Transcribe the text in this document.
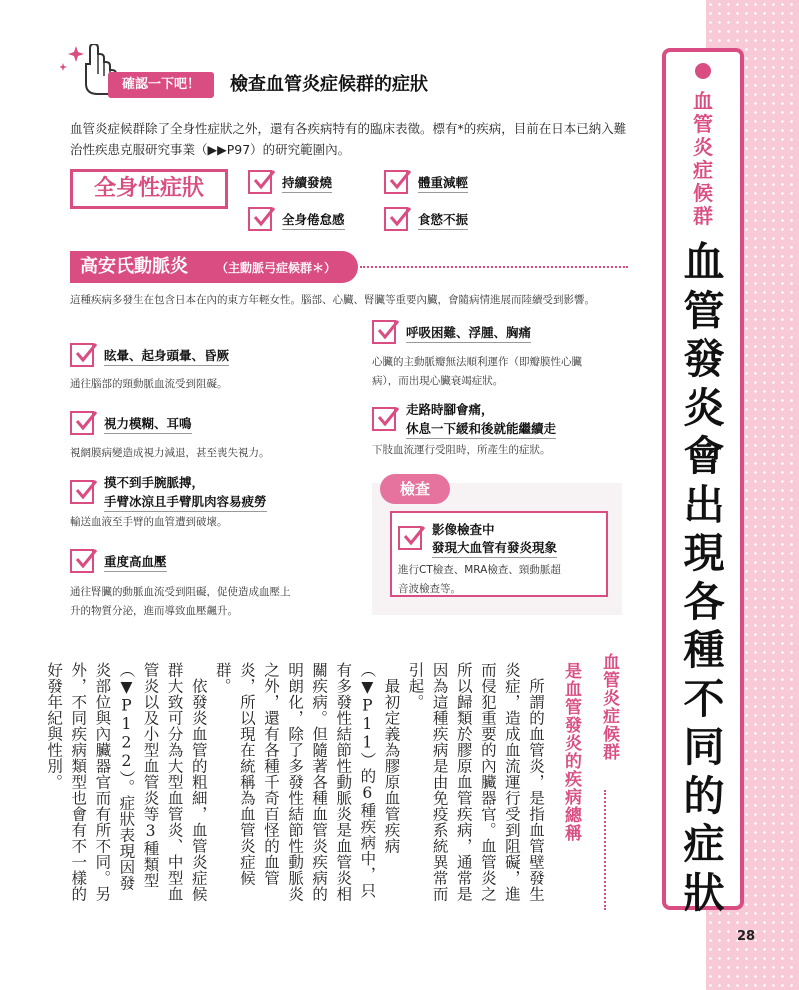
血管炎症候群
血管發炎會出現各種不同的症狀
28
確認一下吧！	檢查血管炎症候群的症狀
血管炎症候群除了全身性症狀之外，還有各疾病特有的臨床表徵。標有*的疾病，目前在日本已納入難治性疾患克服研究事業（▶▶P97）的研究範圍內。
全身性症狀	持續發燒	體重減輕
全身倦怠感	食慾不振
高安氏動脈炎 （主動脈弓症候群＊）
這種疾病多發生在包含日本在內的東方年輕女性。腦部、心臟、腎臟等重要內臟，會隨病情進展而陸續受到影響。
眩暈、起身頭暈、昏厥
通往腦部的頸動脈血流受到阻礙。
視力模糊、耳鳴
視網膜病變造成視力減退，甚至喪失視力。
摸不到手腕脈搏，
手臂冰涼且手臂肌肉容易疲勞
輸送血液至手臂的血管遭到破壞。
重度高血壓
通往腎臟的動脈血流受到阻礙，促使造成血壓上
升的物質分泌，進而導致血壓飆升。
呼吸困難、浮腫、胸痛
心臟的主動脈瓣無法順利運作（即瓣膜性心臟
病），而出現心臟衰竭症狀。
走路時腳會痛，
休息一下緩和後就能繼續走
下肢血流運行受阻時，所產生的症狀。
檢查
影像檢查中
發現大血管有發炎現象
進行CT檢查、MRA檢查、頸動脈超
音波檢查等。
血管炎症候群
是血管發炎的疾病總稱
　所謂的血管炎，是指血管壁發生炎症，造成血流運行受到阻礙，進而侵犯重要的內臟器官。血管炎之所以歸類於膠原血管疾病，通常是因為這種疾病是由免疫系統異常而引起。
　最初定義為膠原血管疾病（▼P11）的6種疾病中，只有多發性結節性動脈炎是血管炎相關疾病。但隨著各種血管炎疾病的明朗化，除了多發性結節性動脈炎之外，還有各種千奇百怪的血管炎，所以現在統稱為血管炎症候群。
　依發炎血管的粗細，血管炎症候群大致可分為大型血管炎、中型血管炎以及小型血管炎等3種類型（▼P122）。症狀表現因發炎部位與內臟器官而有所不同。另外，不同疾病類型也會有不一樣的好發年紀與性別。
